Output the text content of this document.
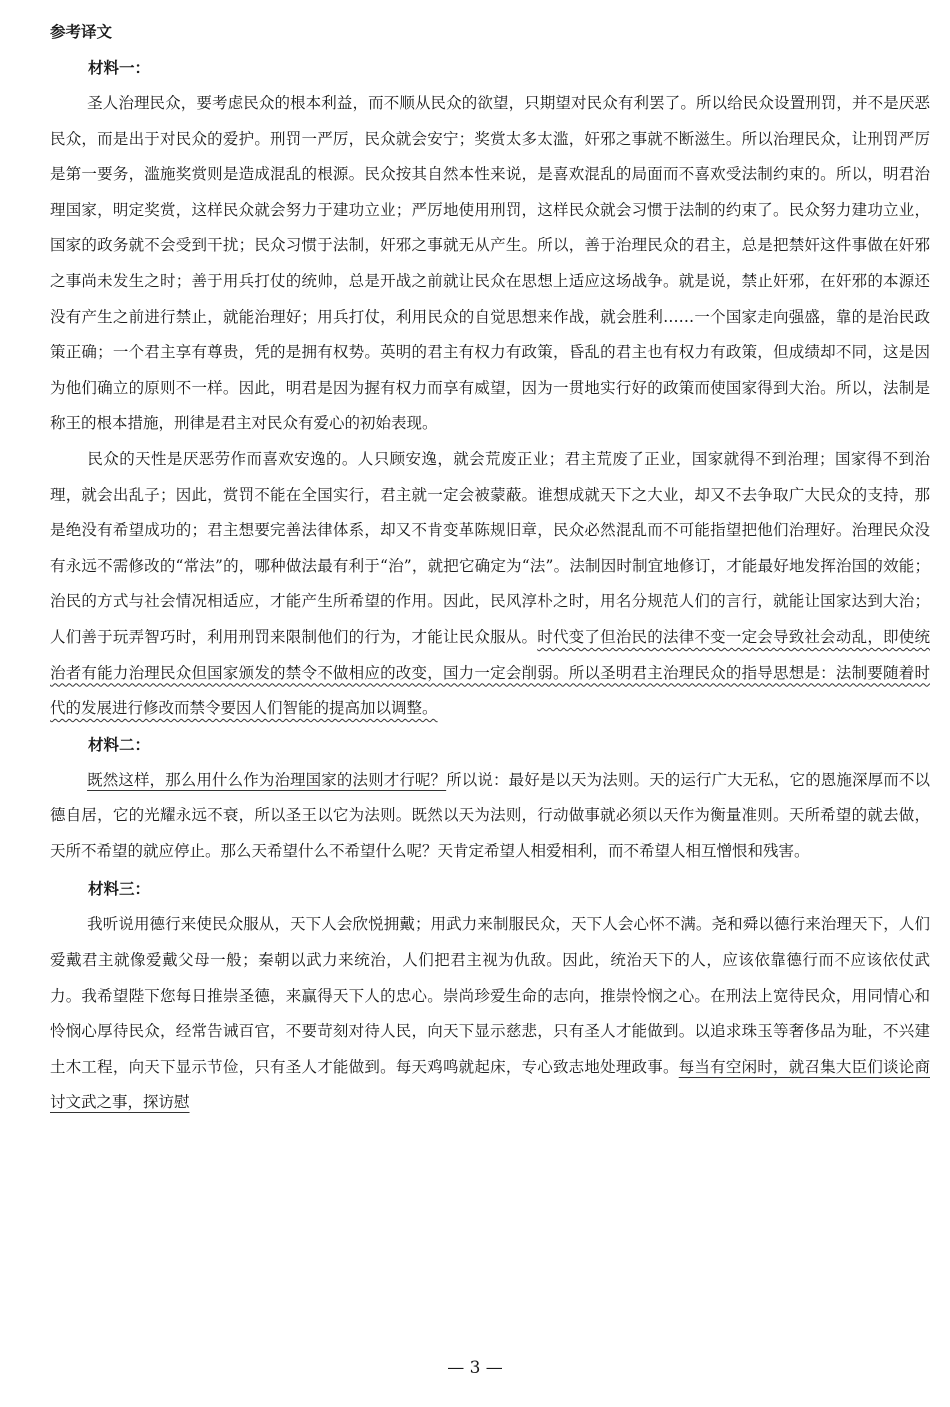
参考译文
材料一：

圣人治理民众，要考虑民众的根本利益，而不顺从民众的欲望，只期望对民众有利罢了。所以给民众设置刑罚，并不是厌恶民众，而是出于对民众的爱护。刑罚一严厉，民众就会安宁；奖赏太多太滥，奸邪之事就不断滋生。所以治理民众，让刑罚严厉是第一要务，滥施奖赏则是造成混乱的根源。民众按其自然本性来说，是喜欢混乱的局面而不喜欢受法制约束的。所以，明君治理国家，明定奖赏，这样民众就会努力于建功立业；严厉地使用刑罚，这样民众就会习惯于法制的约束了。民众努力建功立业，国家的政务就不会受到干扰；民众习惯于法制，奸邪之事就无从产生。所以，善于治理民众的君主，总是把禁奸这件事做在奸邪之事尚未发生之时；善于用兵打仗的统帅，总是开战之前就让民众在思想上适应这场战争。就是说，禁止奸邪，在奸邪的本源还没有产生之前进行禁止，就能治理好；用兵打仗，利用民众的自觉思想来作战，就会胜利……一个国家走向强盛，靠的是治民政策正确；一个君主享有尊贵，凭的是拥有权势。英明的君主有权力有政策，昏乱的君主也有权力有政策，但成绩却不同，这是因为他们确立的原则不一样。因此，明君是因为握有权力而享有威望，因为一贯地实行好的政策而使国家得到大治。所以，法制是称王的根本措施，刑律是君主对民众有爱心的初始表现。

民众的天性是厌恶劳作而喜欢安逸的。人只顾安逸，就会荒废正业；君主荒废了正业，国家就得不到治理；国家得不到治理，就会出乱子；因此，赏罚不能在全国实行，君主就一定会被蒙蔽。谁想成就天下之大业，却又不去争取广大民众的支持，那是绝没有希望成功的；君主想要完善法律体系，却又不肯变革陈规旧章，民众必然混乱而不可能指望把他们治理好。治理民众没有永远不需修改的“常法”的，哪种做法最有利于“治”，就把它确定为“法”。法制因时制宜地修订，才能最好地发挥治国的效能；治民的方式与社会情况相适应，才能产生所希望的作用。因此，民风淳朴之时，用名分规范人们的言行，就能让国家达到大治；人们善于玩弄智巧时，利用刑罚来限制他们的行为，才能让民众服从。时代变了但治民的法律不变一定会导致社会动乱，即使统治者有能力治理民众但国家颁发的禁令不做相应的改变，国力一定会削弱。所以圣明君主治理民众的指导思想是：法制要随着时代的发展进行修改而禁令要因人们智能的提高加以调整。

材料二：

既然这样，那么用什么作为治理国家的法则才行呢？所以说：最好是以天为法则。天的运行广大无私，它的恩施深厚而不以德自居，它的光耀永远不衰，所以圣王以它为法则。既然以天为法则，行动做事就必须以天作为衡量准则。天所希望的就去做，天所不希望的就应停止。那么天希望什么不希望什么呢？天肯定希望人相爱相利，而不希望人相互憎恨和残害。

材料三：

我听说用德行来使民众服从，天下人会欣悦拥戴；用武力来制服民众，天下人会心怀不满。尧和舜以德行来治理天下，人们爱戴君主就像爱戴父母一般；秦朝以武力来统治，人们把君主视为仇敌。因此，统治天下的人，应该依靠德行而不应该依仗武力。我希望陛下您每日推崇圣德，来赢得天下人的忠心。崇尚珍爱生命的志向，推崇怜悯之心。在刑法上宽待民众，用同情心和怜悯心厚待民众，经常告诫百官，不要苛刻对待人民，向天下显示慈悲，只有圣人才能做到。以追求珠玉等奢侈品为耻，不兴建土木工程，向天下显示节俭，只有圣人才能做到。每天鸡鸣就起床，专心致志地处理政事。每当有空闲时，就召集大臣们谈论商讨文武之事，探访慰

— 3 —
